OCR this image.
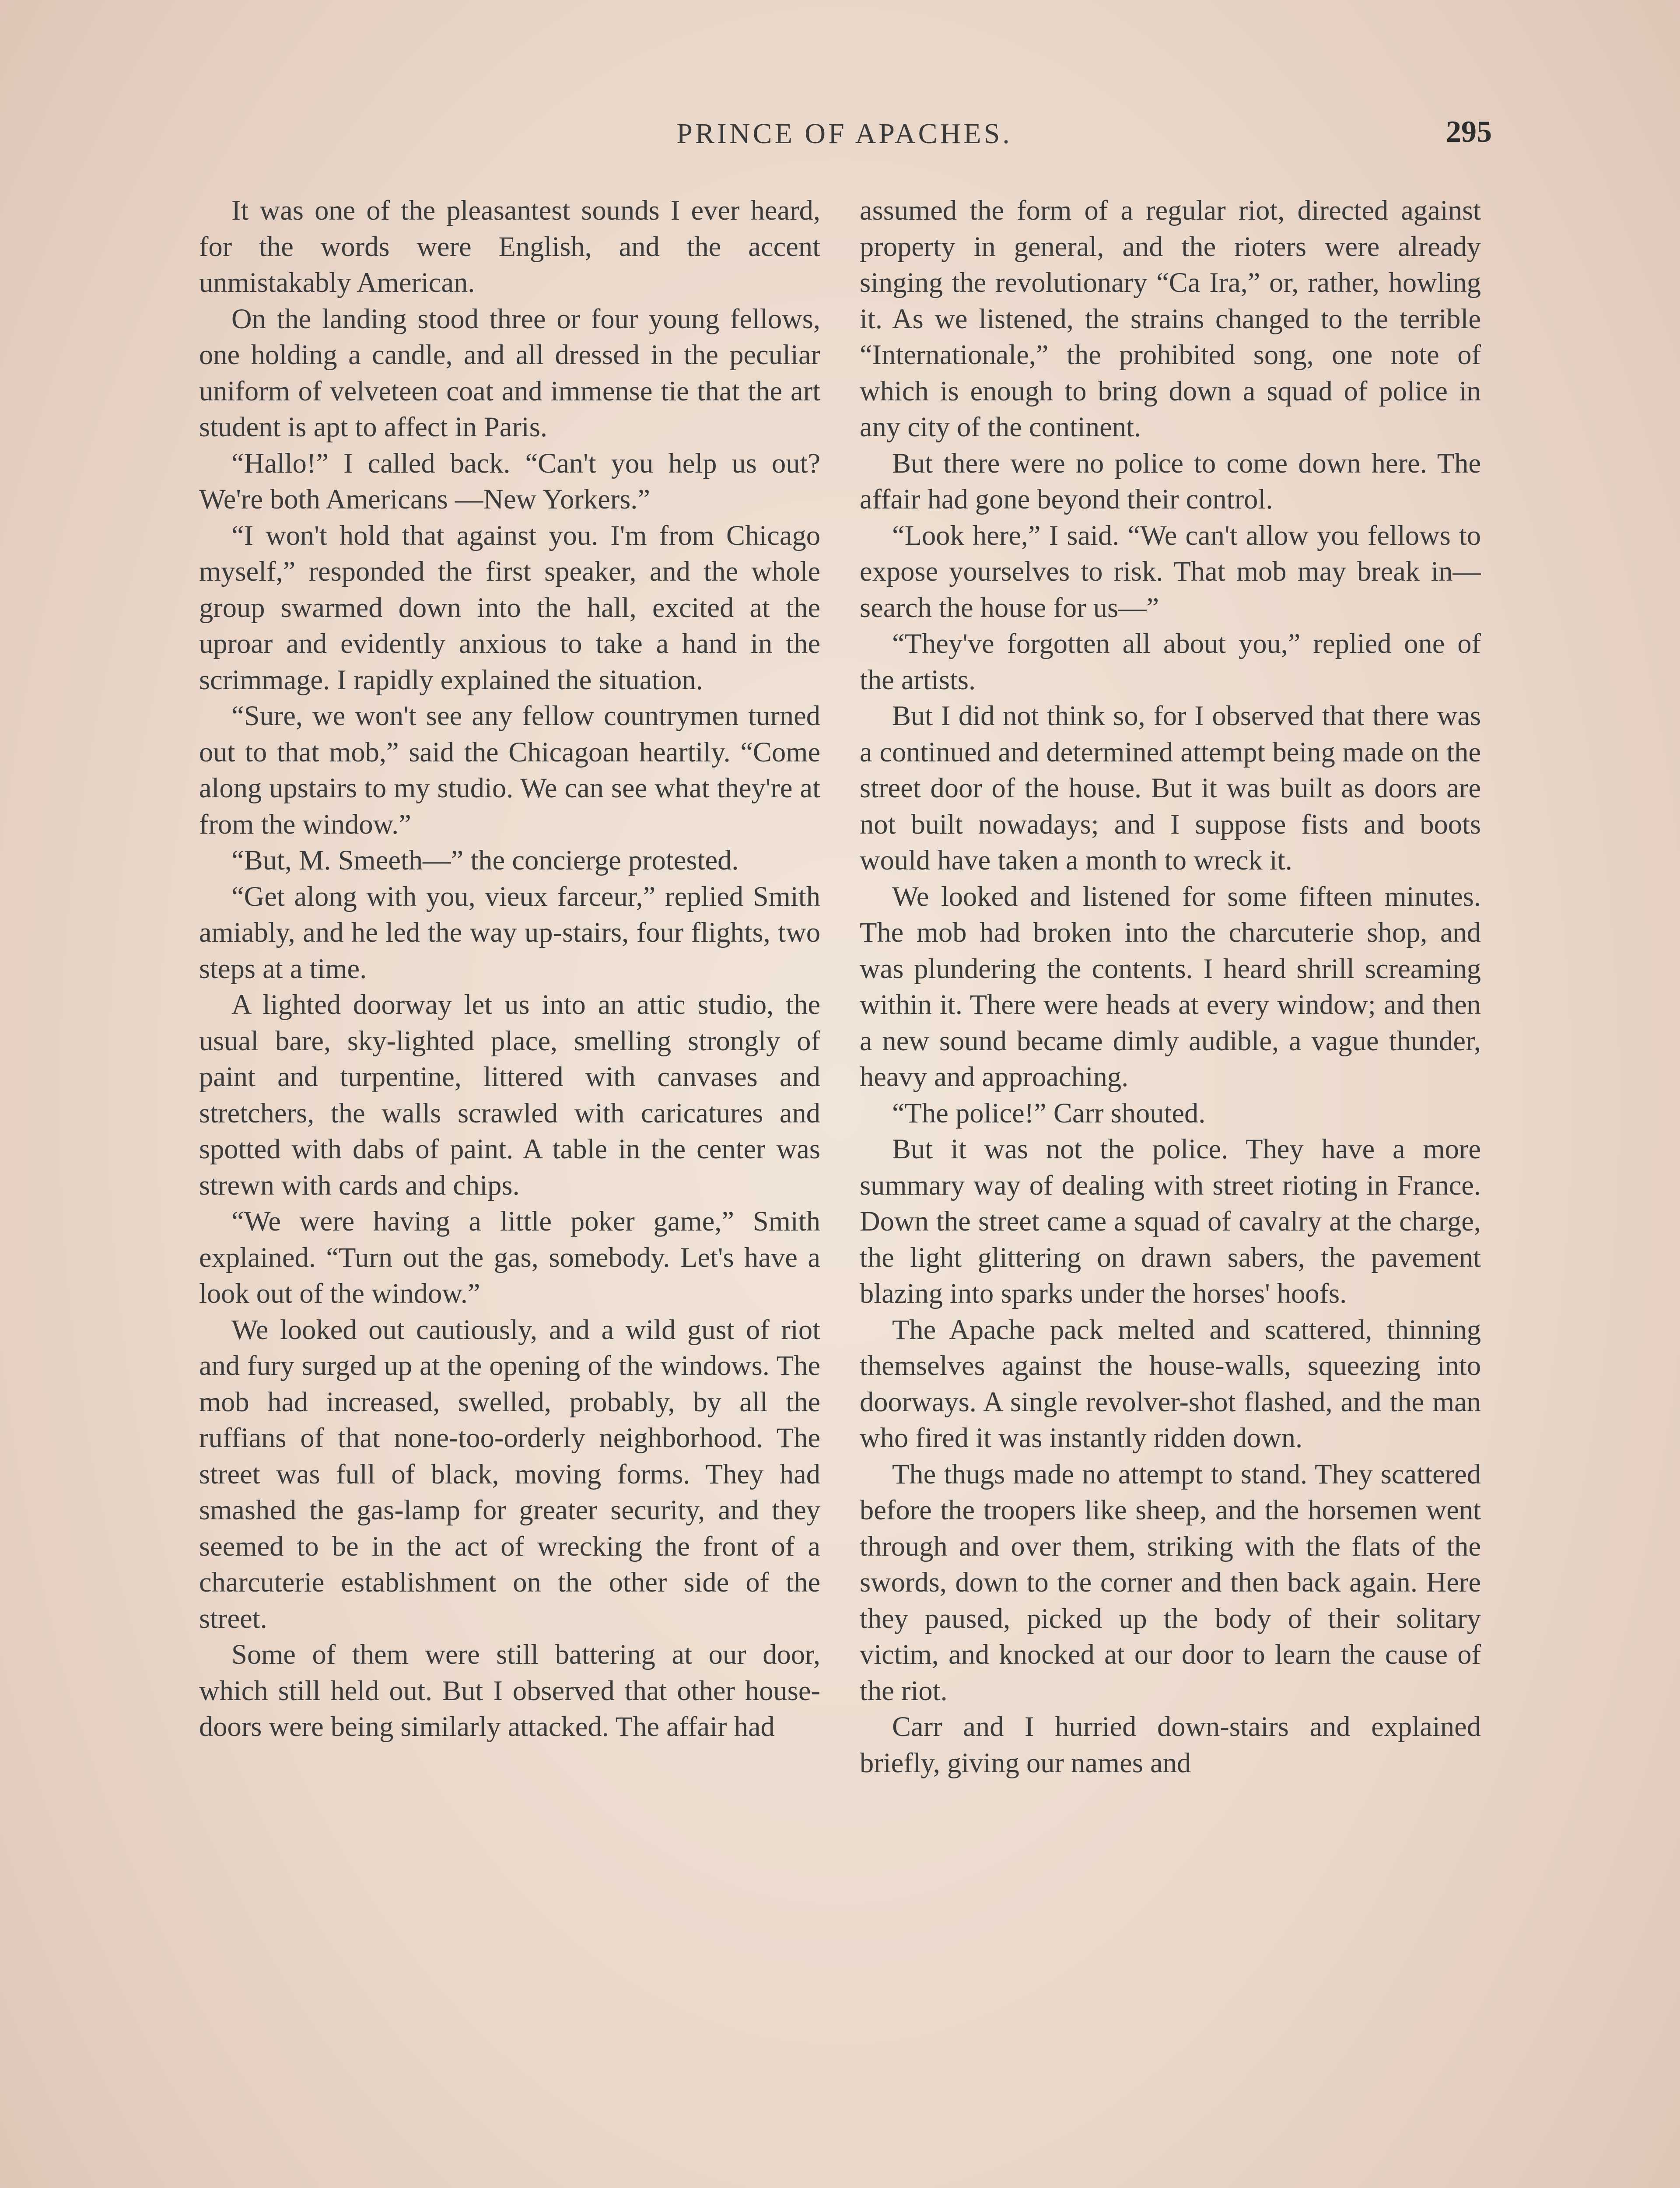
PRINCE OF APACHES.	295

It was one of the pleasantest sounds I ever heard, for the words were English, and the accent unmistakably American.

On the landing stood three or four young fellows, one holding a candle, and all dressed in the peculiar uniform of velveteen coat and immense tie that the art student is apt to affect in Paris.

“Hallo!” I called back. “Can't you help us out? We're both Americans —New Yorkers.”

“I won't hold that against you. I'm from Chicago myself,” responded the first speaker, and the whole group swarmed down into the hall, excited at the uproar and evidently anxious to take a hand in the scrimmage. I rapidly explained the situation.

“Sure, we won't see any fellow countrymen turned out to that mob,” said the Chicagoan heartily. “Come along upstairs to my studio. We can see what they're at from the window.”

“But, M. Smeeth—” the concierge protested.

“Get along with you, vieux farceur,” replied Smith amiably, and he led the way up-stairs, four flights, two steps at a time.

A lighted doorway let us into an attic studio, the usual bare, sky-lighted place, smelling strongly of paint and turpentine, littered with canvases and stretchers, the walls scrawled with caricatures and spotted with dabs of paint. A table in the center was strewn with cards and chips.

“We were having a little poker game,” Smith explained. “Turn out the gas, somebody. Let's have a look out of the window.”

We looked out cautiously, and a wild gust of riot and fury surged up at the opening of the windows. The mob had increased, swelled, probably, by all the ruffians of that none-too-orderly neighborhood. The street was full of black, moving forms. They had smashed the gas-lamp for greater security, and they seemed to be in the act of wrecking the front of a charcuterie establishment on the other side of the street.

Some of them were still battering at our door, which still held out. But I observed that other house-doors were being similarly attacked. The affair had

assumed the form of a regular riot, directed against property in general, and the rioters were already singing the revolutionary “Ca Ira,” or, rather, howling it. As we listened, the strains changed to the terrible “Internationale,” the prohibited song, one note of which is enough to bring down a squad of police in any city of the continent.

But there were no police to come down here. The affair had gone beyond their control.

“Look here,” I said. “We can't allow you fellows to expose yourselves to risk. That mob may break in—search the house for us—”

“They've forgotten all about you,” replied one of the artists.

But I did not think so, for I observed that there was a continued and determined attempt being made on the street door of the house. But it was built as doors are not built nowadays; and I suppose fists and boots would have taken a month to wreck it.

We looked and listened for some fifteen minutes. The mob had broken into the charcuterie shop, and was plundering the contents. I heard shrill screaming within it. There were heads at every window; and then a new sound became dimly audible, a vague thunder, heavy and approaching.

“The police!” Carr shouted.

But it was not the police. They have a more summary way of dealing with street rioting in France. Down the street came a squad of cavalry at the charge, the light glittering on drawn sabers, the pavement blazing into sparks under the horses' hoofs.

The Apache pack melted and scattered, thinning themselves against the house-walls, squeezing into doorways. A single revolver-shot flashed, and the man who fired it was instantly ridden down.

The thugs made no attempt to stand. They scattered before the troopers like sheep, and the horsemen went through and over them, striking with the flats of the swords, down to the corner and then back again. Here they paused, picked up the body of their solitary victim, and knocked at our door to learn the cause of the riot.

Carr and I hurried down-stairs and explained briefly, giving our names and
